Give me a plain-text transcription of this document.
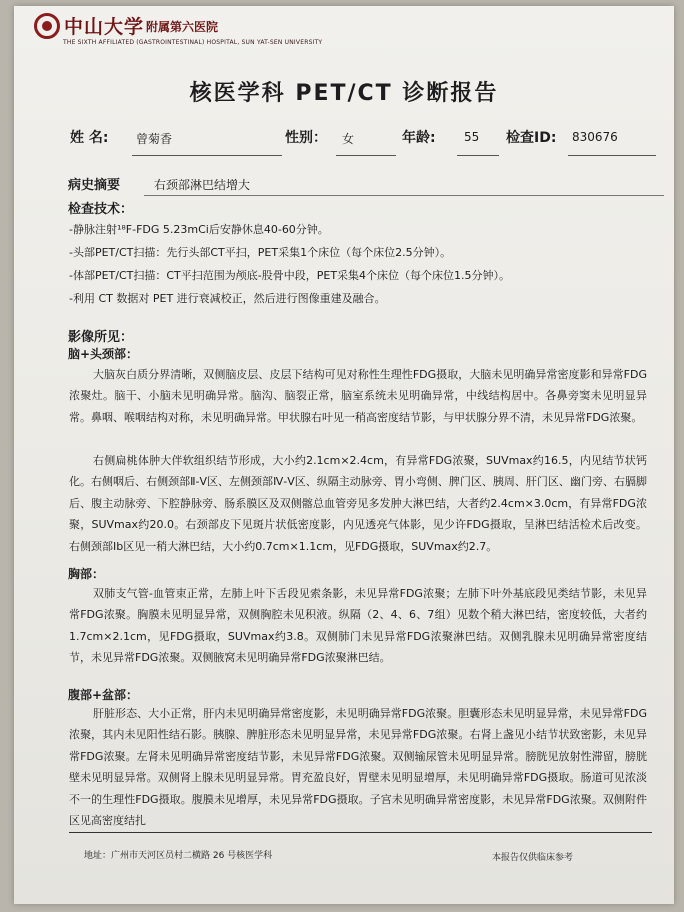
中山大学 附属第六医院
THE SIXTH AFFILIATED (GASTROINTESTINAL) HOSPITAL, SUN YAT-SEN UNIVERSITY
核医学科 PET/CT 诊断报告
姓 名: 曾菊香	性别： 女	年龄: 55 检查ID: 830676
病史摘要	右颈部淋巴结增大
检查技术：
-静脉注射¹⁸F-FDG 5.23mCi后安静休息40-60分钟。
-头部PET/CT扫描：先行头部CT平扫，PET采集1个床位（每个床位2.5分钟）。
-体部PET/CT扫描：CT平扫范围为颅底-股骨中段，PET采集4个床位（每个床位1.5分钟）。
-利用 CT 数据对 PET 进行衰减校正，然后进行图像重建及融合。
影像所见：
脑+头颈部：
大脑灰白质分界清晰，双侧脑皮层、皮层下结构可见对称性生理性FDG摄取，大脑未见明确异常密度影和异常FDG浓聚灶。脑干、小脑未见明确异常。脑沟、脑裂正常，脑室系统未见明确异常，中线结构居中。各鼻旁窦未见明显异常。鼻咽、喉咽结构对称，未见明确异常。甲状腺右叶见一稍高密度结节影，与甲状腺分界不清，未见异常FDG浓聚。
右侧扁桃体肿大伴软组织结节形成，大小约2.1cm×2.4cm，有异常FDG浓聚，SUVmax约16.5，内见结节状钙化。右侧咽后、右侧颈部Ⅱ-Ⅴ区、左侧颈部Ⅳ-Ⅴ区、纵隔主动脉旁、胃小弯侧、脾门区、胰周、肝门区、幽门旁、右膈脚后、腹主动脉旁、下腔静脉旁、肠系膜区及双侧髂总血管旁见多发肿大淋巴结，大者约2.4cm×3.0cm，有异常FDG浓聚，SUVmax约20.0。右颈部皮下见斑片状低密度影，内见透亮气体影，见少许FDG摄取，呈淋巴结活检术后改变。右侧颈部Ⅰb区见一稍大淋巴结，大小约0.7cm×1.1cm，见FDG摄取，SUVmax约2.7。
胸部：
双肺支气管-血管束正常，左肺上叶下舌段见索条影，未见异常FDG浓聚；左肺下叶外基底段见类结节影，未见异常FDG浓聚。胸膜未见明显异常，双侧胸腔未见积液。纵隔（2、4、6、7组）见数个稍大淋巴结，密度较低，大者约1.7cm×2.1cm，见FDG摄取，SUVmax约3.8。双侧肺门未见异常FDG浓聚淋巴结。双侧乳腺未见明确异常密度结节，未见异常FDG浓聚。双侧腋窝未见明确异常FDG浓聚淋巴结。
腹部+盆部：
肝脏形态、大小正常，肝内未见明确异常密度影，未见明确异常FDG浓聚。胆囊形态未见明显异常，未见异常FDG浓聚，其内未见阳性结石影。胰腺、脾脏形态未见明显异常，未见异常FDG浓聚。右肾上盏见小结节状致密影，未见异常FDG浓聚。左肾未见明确异常密度结节影，未见异常FDG浓聚。双侧输尿管未见明显异常。膀胱见放射性滞留，膀胱壁未见明显异常。双侧肾上腺未见明显异常。胃充盈良好，胃壁未见明显增厚，未见明确异常FDG摄取。肠道可见浓淡不一的生理性FDG摄取。腹膜未见增厚，未见异常FDG摄取。子宫未见明确异常密度影，未见异常FDG浓聚。双侧附件区见高密度结扎
地址：广州市天河区员村二横路 26 号核医学科	本报告仅供临床参考
